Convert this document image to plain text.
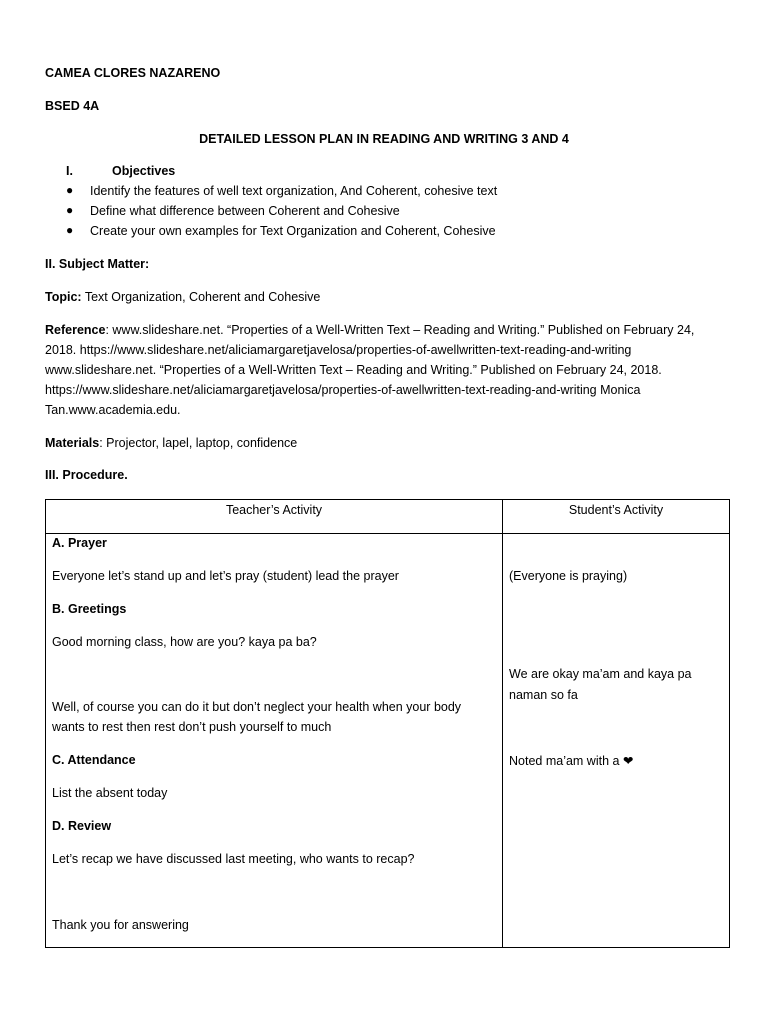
CAMEA CLORES NAZARENO
BSED 4A
DETAILED LESSON PLAN IN READING AND WRITING 3 AND 4
I.	Objectives
● Identify the features of well text organization, And Coherent, cohesive text
● Define what difference between Coherent and Cohesive
● Create your own examples for Text Organization and Coherent, Cohesive
II. Subject Matter:
Topic: Text Organization, Coherent and Cohesive
Reference: www.slideshare.net. “Properties of a Well-Written Text – Reading and Writing.” Published on February 24,
2018. https://www.slideshare.net/aliciamargaretjavelosa/properties-of-awellwritten-text-reading-and-writing
www.slideshare.net. “Properties of a Well-Written Text – Reading and Writing.” Published on February 24, 2018.
https://www.slideshare.net/aliciamargaretjavelosa/properties-of-awellwritten-text-reading-and-writing Monica
Tan.www.academia.edu.
Materials: Projector, lapel, laptop, confidence
III. Procedure.
Teacher’s Activity	Student’s Activity
A. Prayer
Everyone let’s stand up and let’s pray (student) lead the prayer
B. Greetings
Good morning class, how are you? kaya pa ba?
Well, of course you can do it but don’t neglect your health when your body
wants to rest then rest don’t push yourself to much
C. Attendance
List the absent today
D. Review
Let’s recap we have discussed last meeting, who wants to recap?
Thank you for answering
(Everyone is praying)
We are okay ma’am and kaya pa
naman so fa
Noted ma’am with a ❤
